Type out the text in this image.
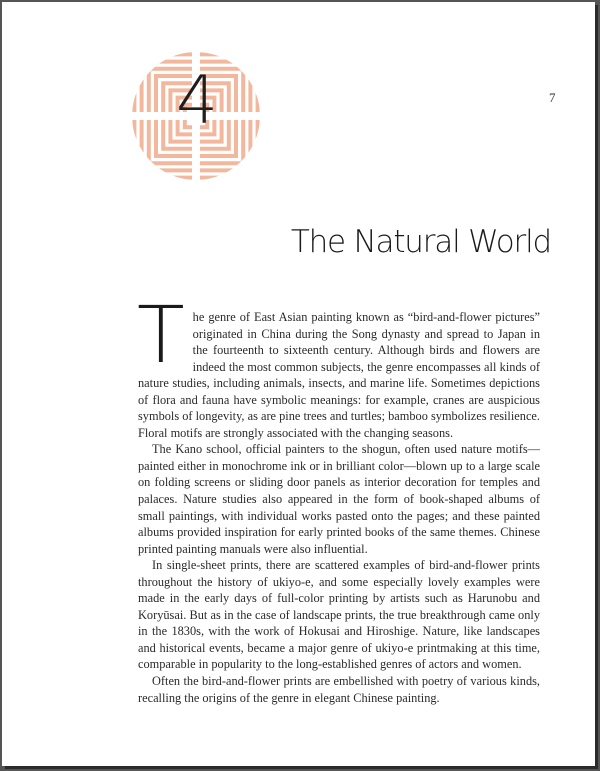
4	7
The Natural World

The genre of East Asian painting known as “bird-and-flower pictures” originated in China during the Song dynasty and spread to Japan in the fourteenth to sixteenth century. Although birds and flowers are indeed the most common subjects, the genre encompasses all kinds of nature studies, including animals, insects, and marine life. Sometimes depictions of flora and fauna have symbolic meanings: for example, cranes are auspicious symbols of longevity, as are pine trees and turtles; bamboo symbolizes resilience. Floral motifs are strongly associated with the changing seasons.

The Kano school, official painters to the shogun, often used nature motifs—painted either in monochrome ink or in brilliant color—blown up to a large scale on folding screens or sliding door panels as interior decoration for temples and palaces. Nature studies also appeared in the form of book-shaped albums of small paintings, with individual works pasted onto the pages; and these painted albums provided inspiration for early printed books of the same themes. Chinese printed painting manuals were also influential.

In single-sheet prints, there are scattered examples of bird-and-flower prints throughout the history of ukiyo-e, and some especially lovely examples were made in the early days of full-color printing by artists such as Harunobu and Koryūsai. But as in the case of landscape prints, the true breakthrough came only in the 1830s, with the work of Hokusai and Hiroshige. Nature, like landscapes and historical events, became a major genre of ukiyo-e printmaking at this time, comparable in popularity to the long-established genres of actors and women.

Often the bird-and-flower prints are embellished with poetry of various kinds, recalling the origins of the genre in elegant Chinese painting.
